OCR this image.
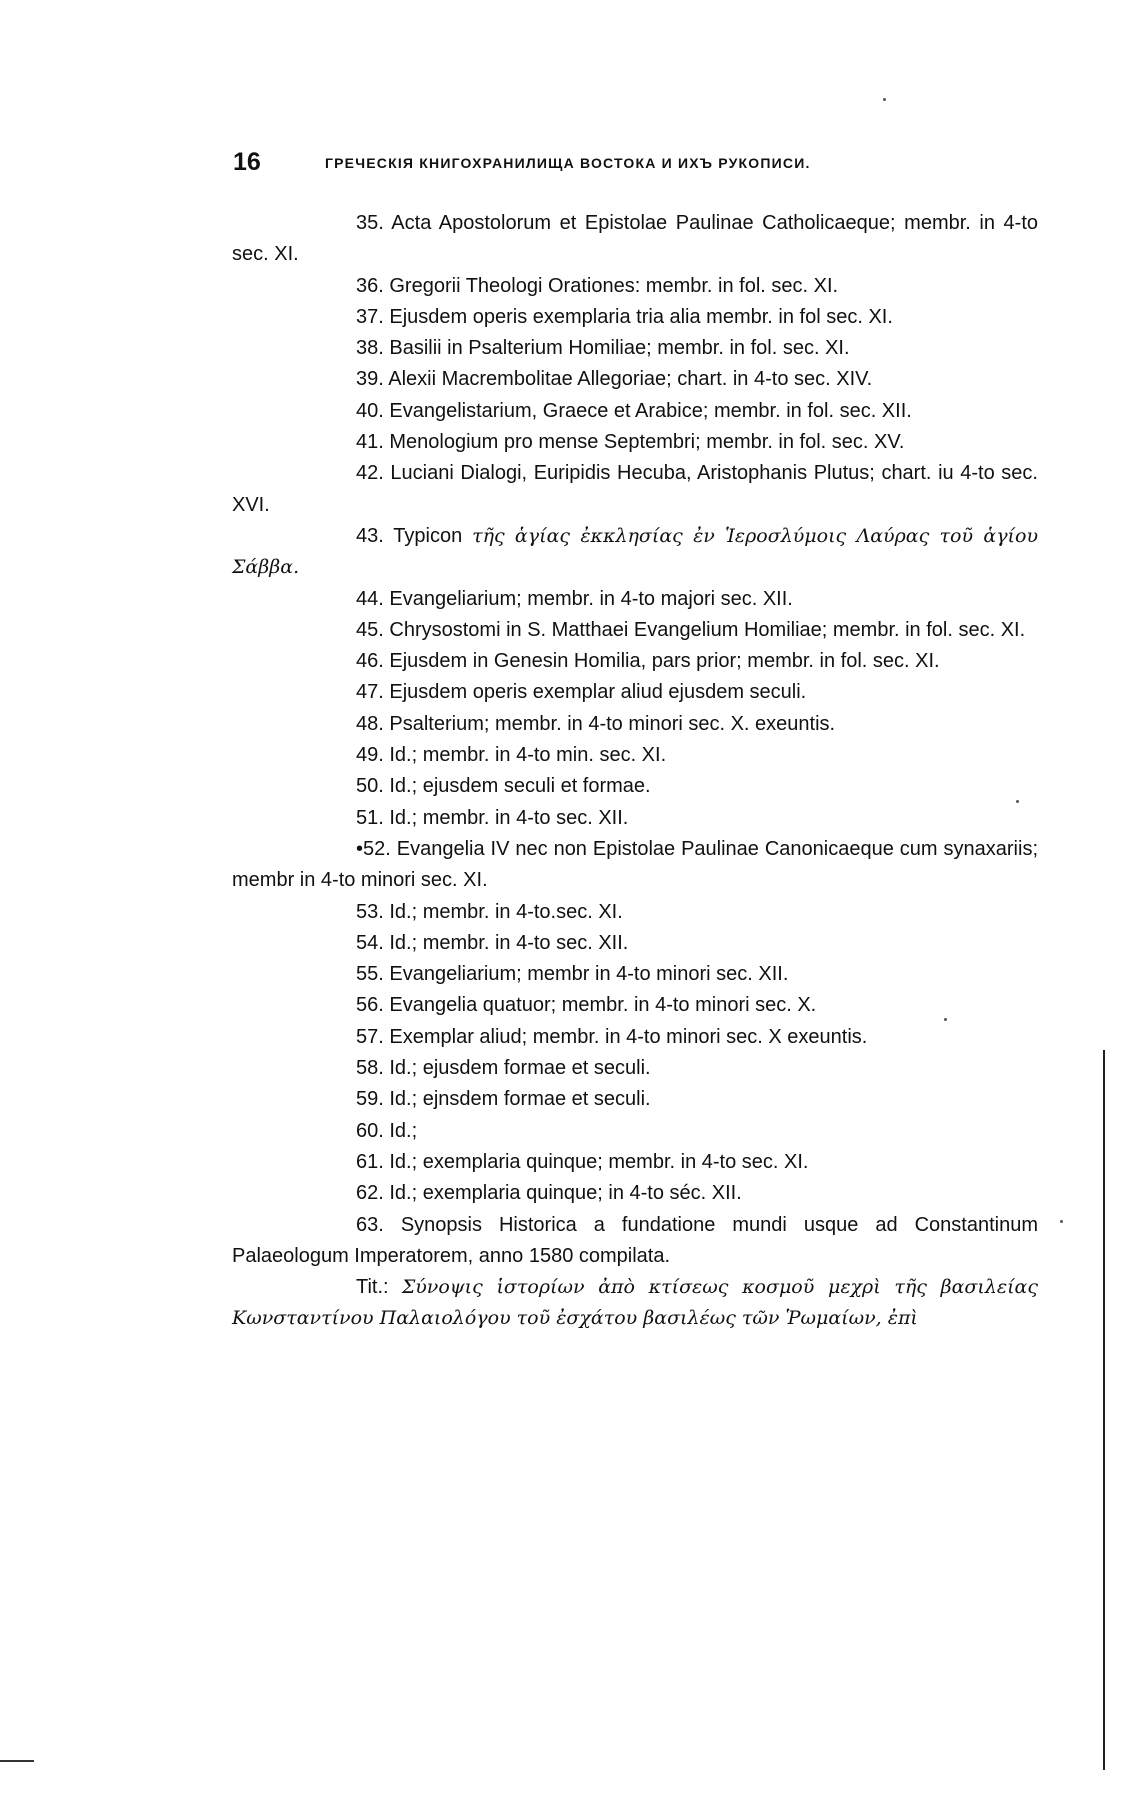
16	ГРЕЧЕСКІЯ КНИГОХРАНИЛИЩА ВОСТОКА И ИХЪ РУКОПИСИ.

35. Acta Apostolorum et Epistolae Paulinae Catholicaeque; membr. in 4-to sec. XI.

36. Gregorii Theologi Orationes: membr. in fol. sec. XI.

37. Ejusdem operis exemplaria tria alia membr. in fol sec. XI.

38. Basilii in Psalterium Homiliae; membr. in fol. sec. XI.

39. Alexii Macrembolitae Allegoriae; chart. in 4-to sec. XIV.

40. Evangelistarium, Graece et Arabice; membr. in fol. sec. XII.

41. Menologium pro mense Septembri; membr. in fol. sec. XV.

42. Luciani Dialogi, Euripidis Hecuba, Aristophanis Plutus; chart. iu 4-to sec. XVI.

43. Typicon τῆς ἁγίας ἐκκλησίας ἐν Ἱεροσλύμοις Λαύρας τοῦ ἁγίου Σάββα.

44. Evangeliarium; membr. in 4-to majori sec. XII.

45. Chrysostomi in S. Matthaei Evangelium Homiliae; membr. in fol. sec. XI.

46. Ejusdem in Genesin Homilia, pars prior; membr. in fol. sec. XI.

47. Ejusdem operis exemplar aliud ejusdem seculi.

48. Psalterium; membr. in 4-to minori sec. X. exeuntis.

49. Id.; membr. in 4-to min. sec. XI.

50. Id.; ejusdem seculi et formae.

51. Id.; membr. in 4-to sec. XII.

•52. Evangelia IV nec non Epistolae Paulinae Canonicaeque cum synaxariis; membr in 4-to minori sec. XI.

53. Id.; membr. in 4-to.sec. XI.

54. Id.; membr. in 4-to sec. XII.

55. Evangeliarium; membr in 4-to minori sec. XII.

56. Evangelia quatuor; membr. in 4-to minori sec. X.

57. Exemplar aliud; membr. in 4-to minori sec. X exeuntis.

58. Id.; ejusdem formae et seculi.

59. Id.; ejnsdem formae et seculi.

60. Id.;

61. Id.; exemplaria quinque; membr. in 4-to sec. XI.

62. Id.; exemplaria quinque; in 4-to séc. XII.

63. Synopsis Historica a fundatione mundi usque ad Constantinum Palaeologum Imperatorem, anno 1580 compilata.

Tit.: Σύνοψις ἱστορίων ἀπὸ κτίσεως κοσμοῦ μεχρὶ τῆς βασιλείας Κωνσταντίνου Παλαιολόγου τοῦ ἐσχάτου βασιλέως τῶν Ῥωμαίων, ἐπὶ
